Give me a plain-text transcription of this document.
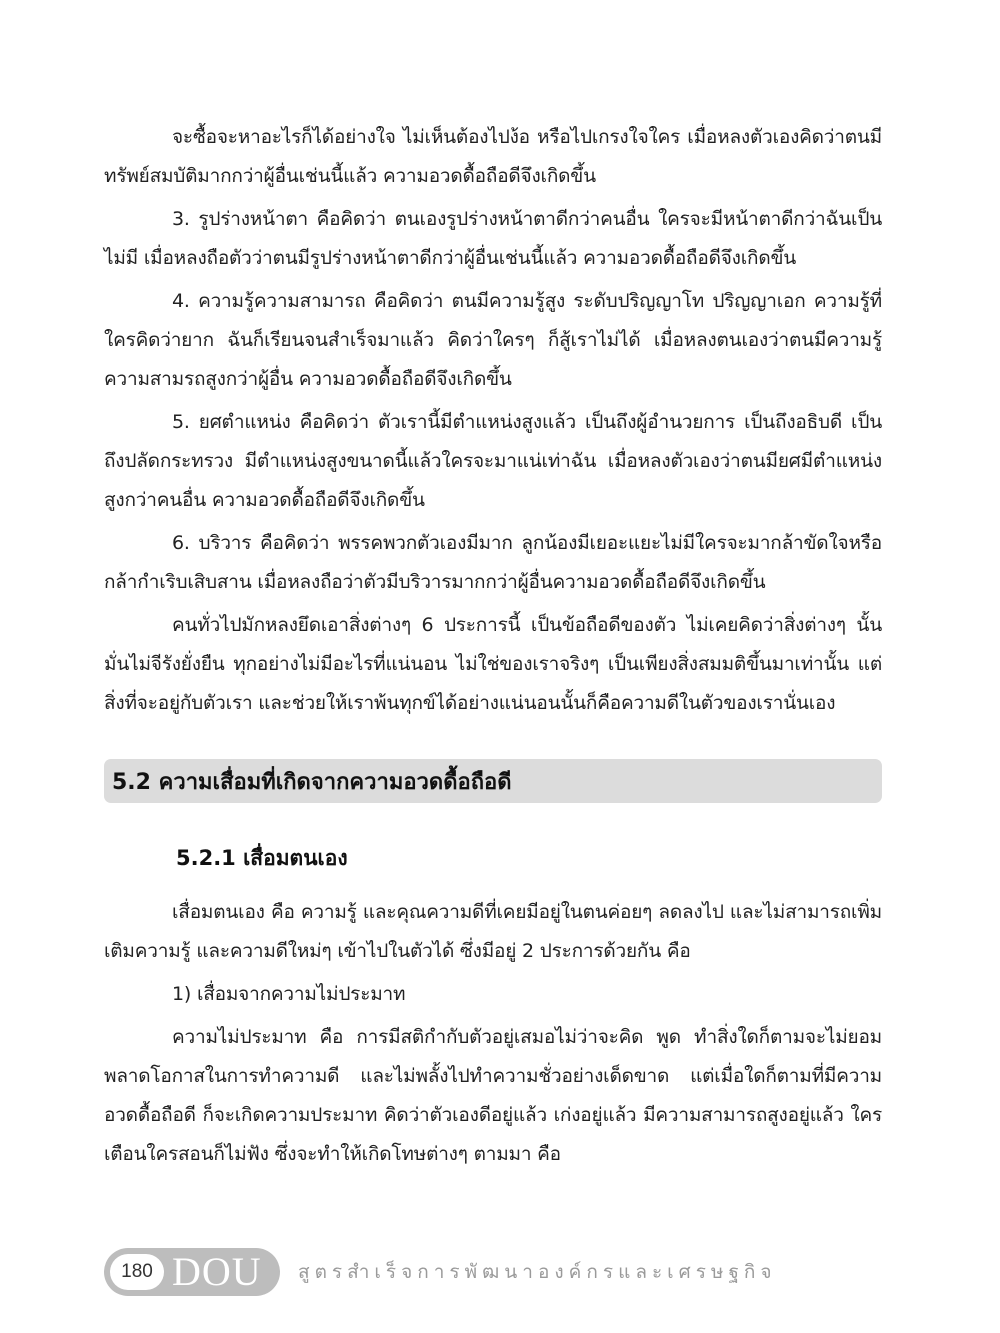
จะซื้อจะหาอะไรก็ได้อย่างใจ ไม่เห็นต้องไปง้อ หรือไปเกรงใจใคร เมื่อหลงตัวเองคิดว่าตนมีทรัพย์สมบัติมากกว่าผู้อื่นเช่นนี้แล้ว ความอวดดื้อถือดีจึงเกิดขึ้น

3. รูปร่างหน้าตา คือคิดว่า ตนเองรูปร่างหน้าตาดีกว่าคนอื่น ใครจะมีหน้าตาดีกว่าฉันเป็นไม่มี เมื่อหลงถือตัวว่าตนมีรูปร่างหน้าตาดีกว่าผู้อื่นเช่นนี้แล้ว ความอวดดื้อถือดีจึงเกิดขึ้น

4. ความรู้ความสามารถ คือคิดว่า ตนมีความรู้สูง ระดับปริญญาโท ปริญญาเอก ความรู้ที่ใครคิดว่ายาก ฉันก็เรียนจนสำเร็จมาแล้ว คิดว่าใครๆ ก็สู้เราไม่ได้ เมื่อหลงตนเองว่าตนมีความรู้ความสามรถสูงกว่าผู้อื่น ความอวดดื้อถือดีจึงเกิดขึ้น

5. ยศตำแหน่ง คือคิดว่า ตัวเรานี้มีตำแหน่งสูงแล้ว เป็นถึงผู้อำนวยการ เป็นถึงอธิบดี เป็นถึงปลัดกระทรวง มีตำแหน่งสูงขนาดนี้แล้วใครจะมาแน่เท่าฉัน เมื่อหลงตัวเองว่าตนมียศมีตำแหน่งสูงกว่าคนอื่น ความอวดดื้อถือดีจึงเกิดขึ้น

6. บริวาร คือคิดว่า พรรคพวกตัวเองมีมาก ลูกน้องมีเยอะแยะไม่มีใครจะมากล้าขัดใจหรือกล้ากำเริบเสิบสาน เมื่อหลงถือว่าตัวมีบริวารมากกว่าผู้อื่นความอวดดื้อถือดีจึงเกิดขึ้น

คนทั่วไปมักหลงยึดเอาสิ่งต่างๆ 6 ประการนี้ เป็นข้อถือดีของตัว ไม่เคยคิดว่าสิ่งต่างๆ นั้น มั่นไม่จีรังยั่งยืน ทุกอย่างไม่มีอะไรที่แน่นอน ไม่ใช่ของเราจริงๆ เป็นเพียงสิ่งสมมติขึ้นมาเท่านั้น แต่สิ่งที่จะอยู่กับตัวเรา และช่วยให้เราพ้นทุกข์ได้อย่างแน่นอนนั้นก็คือความดีในตัวของเรานั่นเอง

5.2 ความเสื่อมที่เกิดจากความอวดดื้อถือดี
5.2.1 เสื่อมตนเอง

เสื่อมตนเอง คือ ความรู้ และคุณความดีที่เคยมีอยู่ในตนค่อยๆ ลดลงไป และไม่สามารถเพิ่มเติมความรู้ และความดีใหม่ๆ เข้าไปในตัวได้ ซึ่งมีอยู่ 2 ประการด้วยกัน คือ

1) เสื่อมจากความไม่ประมาท

ความไม่ประมาท คือ การมีสติกำกับตัวอยู่เสมอไม่ว่าจะคิด พูด ทำสิ่งใดก็ตามจะไม่ยอมพลาดโอกาสในการทำความดี และไม่พลั้งไปทำความชั่วอย่างเด็ดขาด แต่เมื่อใดก็ตามที่มีความอวดดื้อถือดี ก็จะเกิดความประมาท คิดว่าตัวเองดีอยู่แล้ว เก่งอยู่แล้ว มีความสามารถสูงอยู่แล้ว ใครเตือนใครสอนก็ไม่ฟัง ซึ่งจะทำให้เกิดโทษต่างๆ ตามมา คือ

180 DOU สูตรสำเร็จการพัฒนาองค์กรและเศรษฐกิจ
